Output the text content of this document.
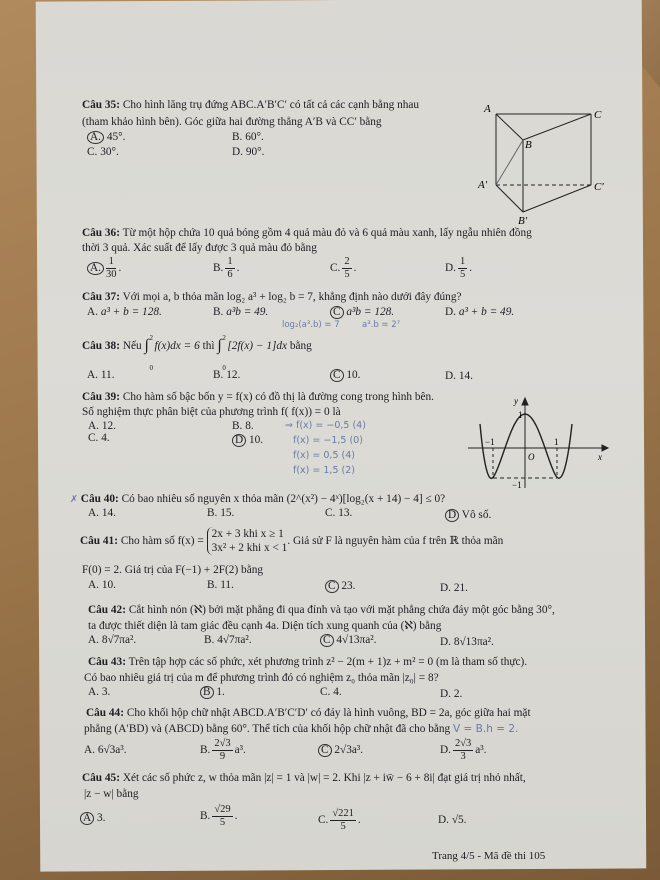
Câu 35: Cho hình lăng trụ đứng ABC.A′B′C′ có tất cả các cạnh bằng nhau
(tham khảo hình bên). Góc giữa hai đường thẳng A′B và CC′ bằng
A. 45°.	B. 60°.
C. 30°.	D. 90°.
A	C
B
A′	C′
B′
Câu 36: Từ một hộp chứa 10 quả bóng gồm 4 quả màu đỏ và 6 quả màu xanh, lấy ngẫu nhiên đồng
thời 3 quả. Xác suất để lấy được 3 quả màu đỏ bằng
A. $\frac{1}{30}$ .	B. $\frac{1}{6}$ .	C. $\frac{2}{5}$ .	D. $\frac{1}{5}$ .
Câu 37: Với mọi a, b thỏa mãn log₂ a³ + log₂ b = 7, khẳng định nào dưới đây đúng?
A. a³ + b = 128.	B. a³b = 49.	C a³b = 128.	D. a³ + b = 49.
log₂(a³.b) = 7	a³.b = 2⁷
Câu 38: Nếu ∫ 2
0
f(x)dx = 6 thì ∫ 2
0
[2f(x) − 1]dx bằng
A. 11.	B. 12.	C 10.	D. 14.
Câu 39: Cho hàm số bậc bốn y = f(x) có đồ thị là đường cong trong hình bên.
Số nghiệm thực phân biệt của phương trình f( f(x)) = 0 là
A. 12.	B. 8.
C. 4.	D 10.
⇒ f(x) = −0,5 (4)
f(x) = −1,5 (0)
f(x) = 0,5 (4)
f(x) = 1,5 (2)
y
x
1
−1	1
O
−1
✗ Câu 40: Có bao nhiêu số nguyên x thỏa mãn (2^(x²) − 4ˣ)[log₂(x + 14) − 4] ≤ 0?
A. 14.	B. 15.	C. 13.	D Vô số.
Câu 41: Cho hàm số f(x) =
2x + 3 khi x ≥ 1
3x² + 2 khi x < 1
. Giả sử F là nguyên hàm của f trên ℝ thỏa mãn
F(0) = 2. Giá trị của F(−1) + 2F(2) bằng
A. 10.	B. 11.	C 23.	D. 21.
Câu 42: Cắt hình nón (ℵ) bởi mặt phẳng đi qua đỉnh và tạo với mặt phẳng chứa đáy một góc bằng 30°,
ta được thiết diện là tam giác đều cạnh 4a. Diện tích xung quanh của (ℵ) bằng
A. 8√7πa².	B. 4√7πa².	C 4√13πa².	D. 8√13πa².
Câu 43: Trên tập hợp các số phức, xét phương trình z² − 2(m + 1)z + m² = 0 (m là tham số thực).
Có bao nhiêu giá trị của m để phương trình đó có nghiệm z₀ thỏa mãn |z₀| = 8?
A. 3.	B 1.	C. 4.	D. 2.
Câu 44: Cho khối hộp chữ nhật ABCD.A′B′C′D′ có đáy là hình vuông, BD = 2a, góc giữa hai mặt
phẳng (A′BD) và (ABCD) bằng 60°. Thể tích của khối hộp chữ nhật đã cho bằng V = B.h = 2.
A. 6√3a³.	B. $\frac{2√3}{9} a^3$.	C 2√3a³.	D. $\frac{2√3}{3} a^3$.
Câu 45: Xét các số phức z, w thỏa mãn |z| = 1 và |w| = 2. Khi |z + iw̄ − 6 + 8i| đạt giá trị nhỏ nhất,
|z − w| bằng
A 3.	B. $\frac{√29}{5}$ .	C. $\frac{√221}{5}$ .	D. √5.
Trang 4/5 - Mã đề thi 105
